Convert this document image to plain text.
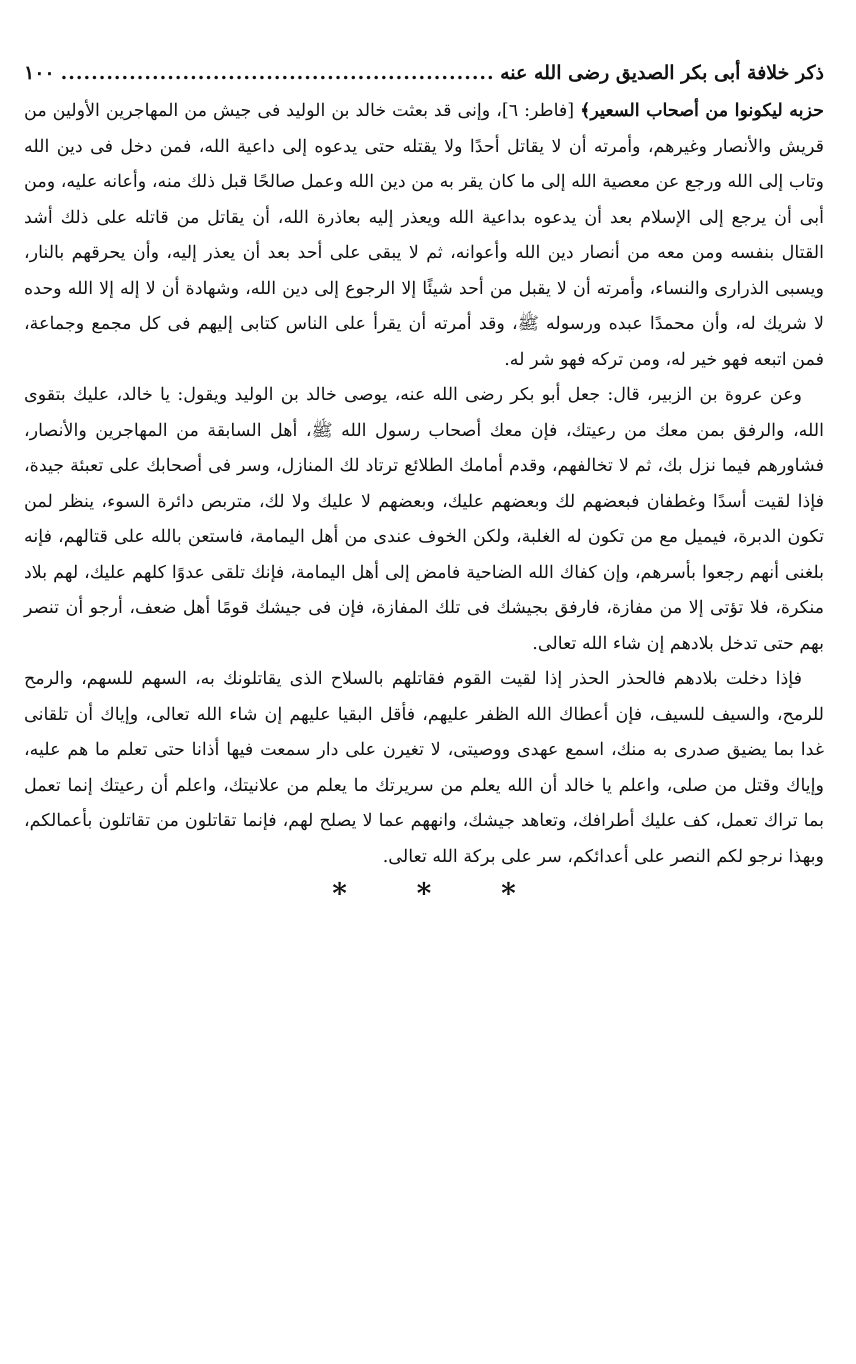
ذكر خلافة أبى بكر الصديق رضى الله عنه
.....
١٠٠

حزبه ليكونوا من أصحاب السعير﴾ [فاطر: ٦]، وإنى قد بعثت خالد بن الوليد فى جيش من المهاجرين الأولين من قريش والأنصار وغيرهم، وأمرته أن لا يقاتل أحدًا ولا يقتله حتى يدعوه إلى داعية الله، فمن دخل فى دين الله وتاب إلى الله ورجع عن معصية الله إلى ما كان يقر به من دين الله وعمل صالحًا قبل ذلك منه، وأعانه عليه، ومن أبى أن يرجع إلى الإسلام بعد أن يدعوه بداعية الله ويعذر إليه بعاذرة الله، أن يقاتل من قاتله على ذلك أشد القتال بنفسه ومن معه من أنصار دين الله وأعوانه، ثم لا يبقى على أحد بعد أن يعذر إليه، وأن يحرقهم بالنار، ويسبى الذرارى والنساء، وأمرته أن لا يقبل من أحد شيئًا إلا الرجوع إلى دين الله، وشهادة أن لا إله إلا الله وحده لا شريك له، وأن محمدًا عبده ورسوله ﷺ، وقد أمرته أن يقرأ على الناس كتابى إليهم فى كل مجمع وجماعة، فمن اتبعه فهو خير له، ومن تركه فهو شر له.

وعن عروة بن الزبير، قال: جعل أبو بكر رضى الله عنه، يوصى خالد بن الوليد ويقول: يا خالد، عليك بتقوى الله، والرفق بمن معك من رعيتك، فإن معك أصحاب رسول الله ﷺ، أهل السابقة من المهاجرين والأنصار، فشاورهم فيما نزل بك، ثم لا تخالفهم، وقدم أمامك الطلائع ترتاد لك المنازل، وسر فى أصحابك على تعبئة جيدة، فإذا لقيت أسدًا وغطفان فبعضهم لك وبعضهم عليك، وبعضهم لا عليك ولا لك، متربص دائرة السوء، ينظر لمن تكون الدبرة، فيميل مع من تكون له الغلبة، ولكن الخوف عندى من أهل اليمامة، فاستعن بالله على قتالهم، فإنه بلغنى أنهم رجعوا بأسرهم، وإن كفاك الله الضاحية فامض إلى أهل اليمامة، فإنك تلقى عدوًا كلهم عليك، لهم بلاد منكرة، فلا تؤتى إلا من مفازة، فارفق بجيشك فى تلك المفازة، فإن فى جيشك قومًا أهل ضعف، أرجو أن تنصر بهم حتى تدخل بلادهم إن شاء الله تعالى.

فإذا دخلت بلادهم فالحذر الحذر إذا لقيت القوم فقاتلهم بالسلاح الذى يقاتلونك به، السهم للسهم، والرمح للرمح، والسيف للسيف، فإن أعطاك الله الظفر عليهم، فأقل البقيا عليهم إن شاء الله تعالى، وإياك أن تلقانى غدا بما يضيق صدرى به منك، اسمع عهدى ووصيتى، لا تغيرن على دار سمعت فيها أذانا حتى تعلم ما هم عليه، وإياك وقتل من صلى، واعلم يا خالد أن الله يعلم من سريرتك ما يعلم من علانيتك، واعلم أن رعيتك إنما تعمل بما تراك تعمل، كف عليك أطرافك، وتعاهد جيشك، وانههم عما لا يصلح لهم، فإنما تقاتلون من تقاتلون بأعمالكم، وبهذا نرجو لكم النصر على أعدائكم، سر على بركة الله تعالى.

* * *
